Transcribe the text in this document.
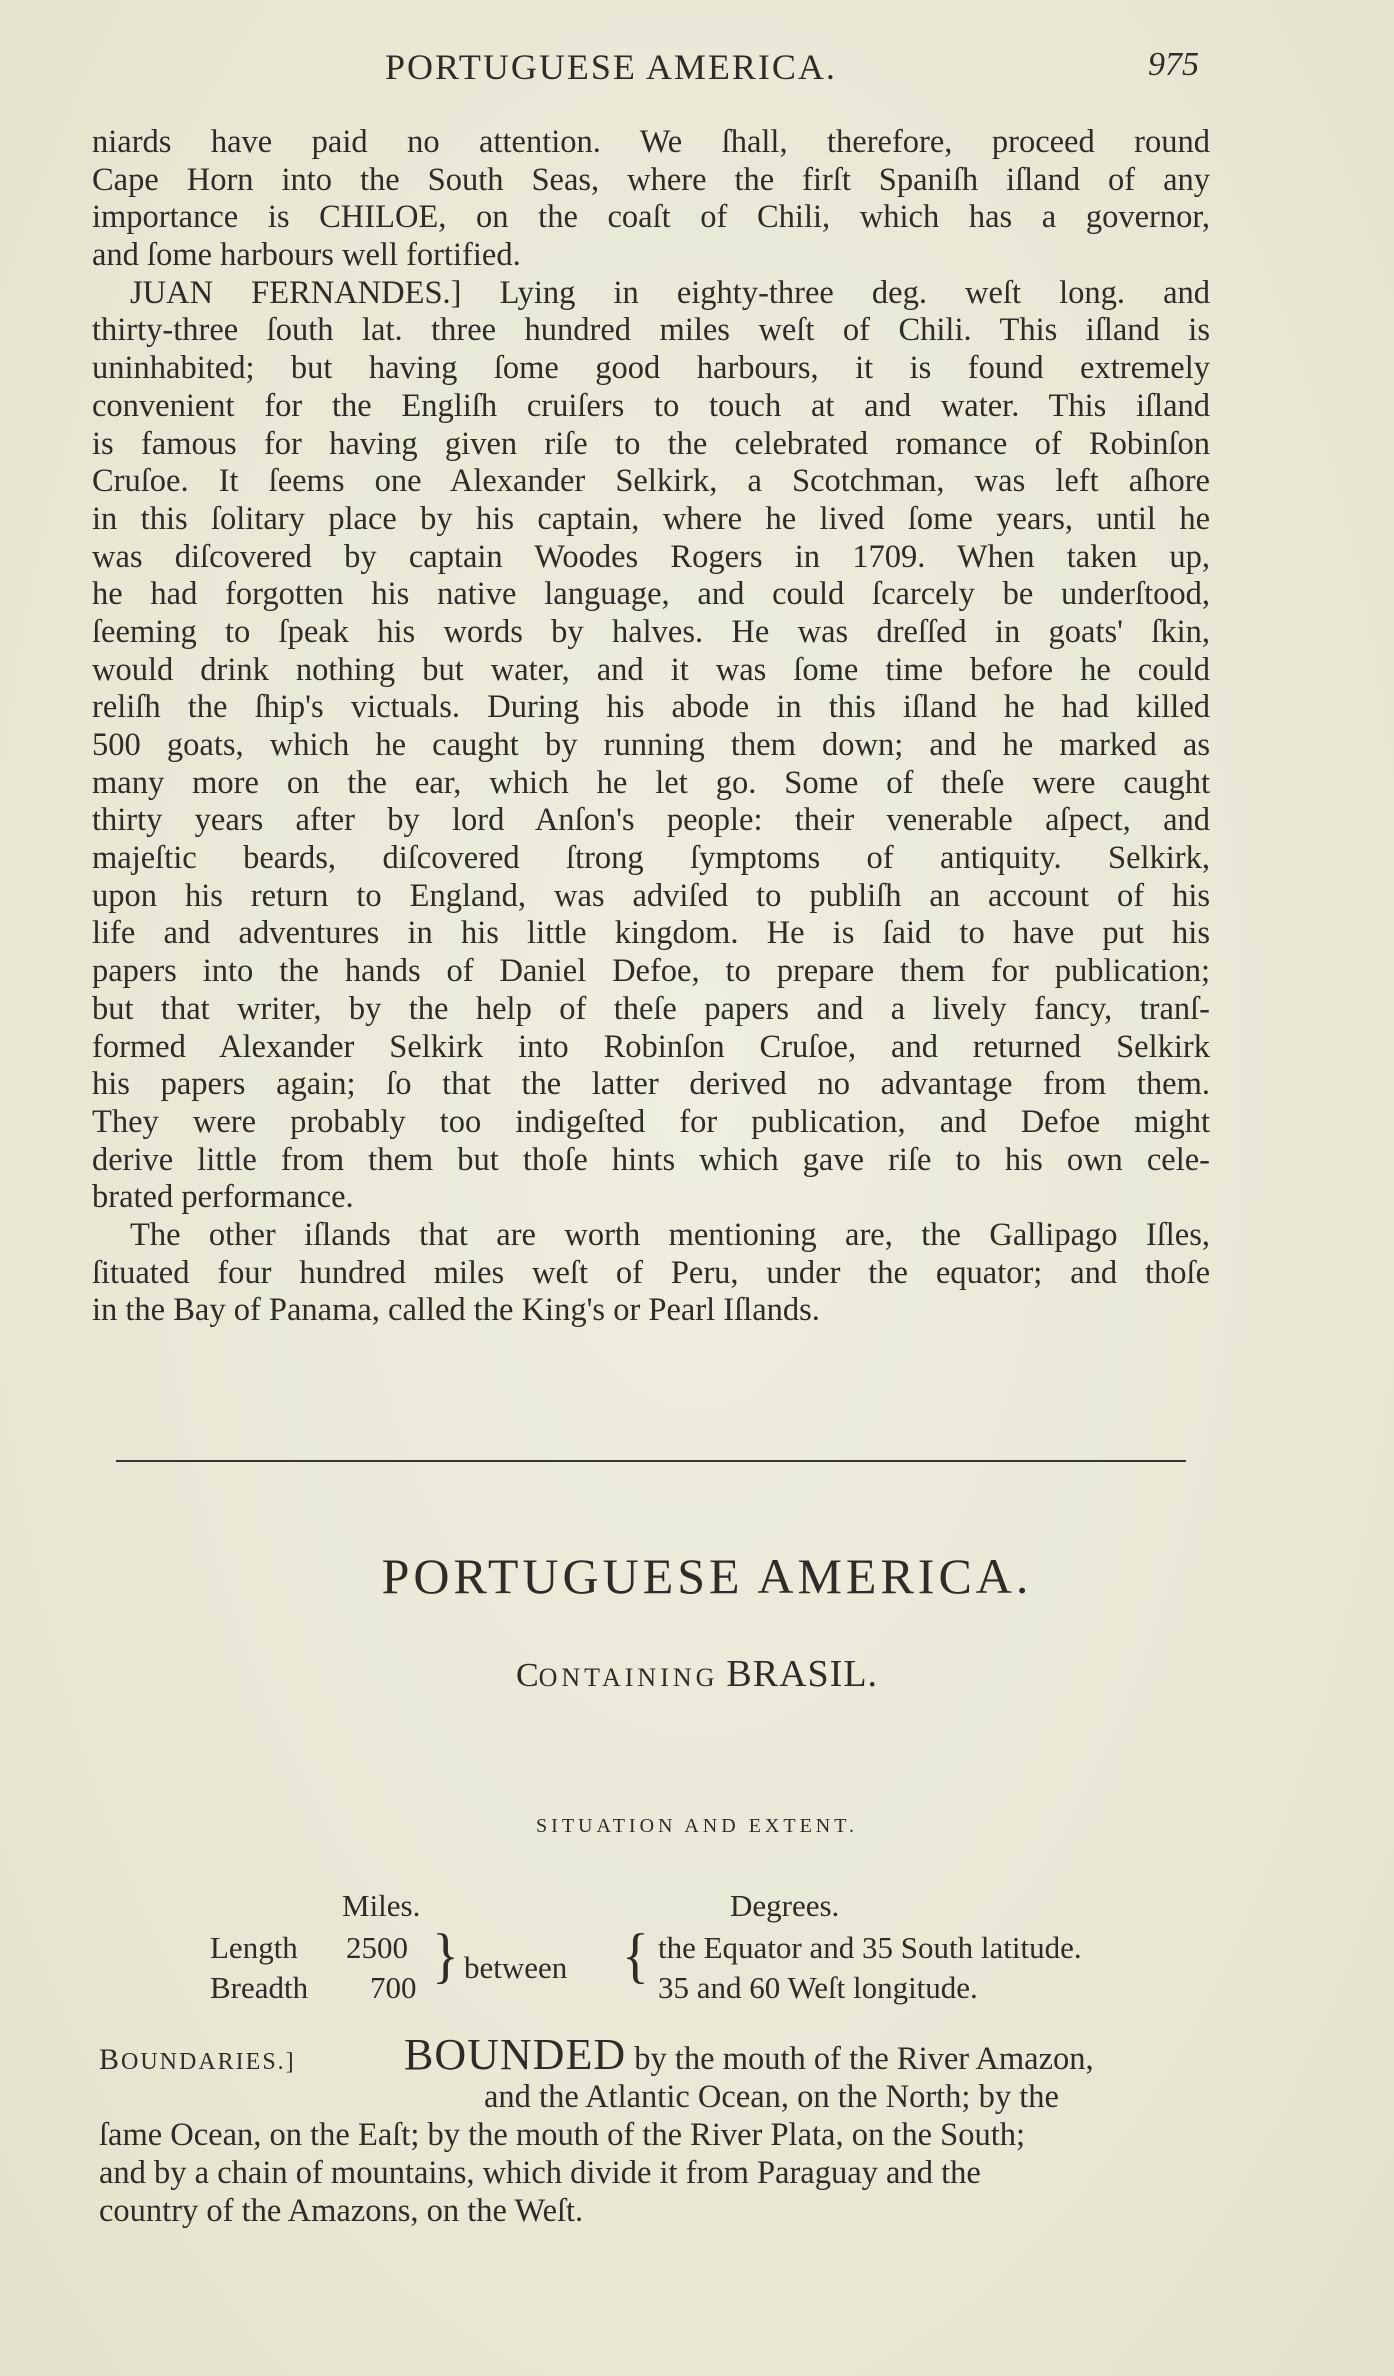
PORTUGUESE AMERICA.	975
niards have paid no attention. We ſhall, therefore, proceed round
Cape Horn into the South Seas, where the firſt Spaniſh iſland of any
importance is CHILOE, on the coaſt of Chili, which has a governor,
and ſome harbours well fortified.
JUAN FERNANDES.] Lying in eighty-three deg. weſt long. and
thirty-three ſouth lat. three hundred miles weſt of Chili. This iſland is
uninhabited; but having ſome good harbours, it is found extremely
convenient for the Engliſh cruiſers to touch at and water. This iſland
is famous for having given riſe to the celebrated romance of Robinſon
Cruſoe. It ſeems one Alexander Selkirk, a Scotchman, was left aſhore
in this ſolitary place by his captain, where he lived ſome years, until he
was diſcovered by captain Woodes Rogers in 1709. When taken up,
he had forgotten his native language, and could ſcarcely be underſtood,
ſeeming to ſpeak his words by halves. He was dreſſed in goats' ſkin,
would drink nothing but water, and it was ſome time before he could
reliſh the ſhip's victuals. During his abode in this iſland he had killed
500 goats, which he caught by running them down; and he marked as
many more on the ear, which he let go. Some of theſe were caught
thirty years after by lord Anſon's people: their venerable aſpect, and
majeſtic beards, diſcovered ſtrong ſymptoms of antiquity. Selkirk,
upon his return to England, was adviſed to publiſh an account of his
life and adventures in his little kingdom. He is ſaid to have put his
papers into the hands of Daniel Defoe, to prepare them for publication;
but that writer, by the help of theſe papers and a lively fancy, tranſ-
formed Alexander Selkirk into Robinſon Cruſoe, and returned Selkirk
his papers again; ſo that the latter derived no advantage from them.
They were probably too indigeſted for publication, and Defoe might
derive little from them but thoſe hints which gave riſe to his own cele-
brated performance.
The other iſlands that are worth mentioning are, the Gallipago Iſles,
ſituated four hundred miles weſt of Peru, under the equator; and thoſe
in the Bay of Panama, called the King's or Pearl Iſlands.
PORTUGUESE AMERICA.
CONTAINING BRASIL.
SITUATION AND EXTENT.
Miles.	Degrees.
Length 2500
Breadth 700 } between { the Equator and 35 South latitude.
35 and 60 Weſt longitude.
BOUNDARIES.] BOUNDED by the mouth of the River Amazon,
and the Atlantic Ocean, on the North; by the
ſame Ocean, on the Eaſt; by the mouth of the River Plata, on the South;
and by a chain of mountains, which divide it from Paraguay and the
country of the Amazons, on the Weſt.
